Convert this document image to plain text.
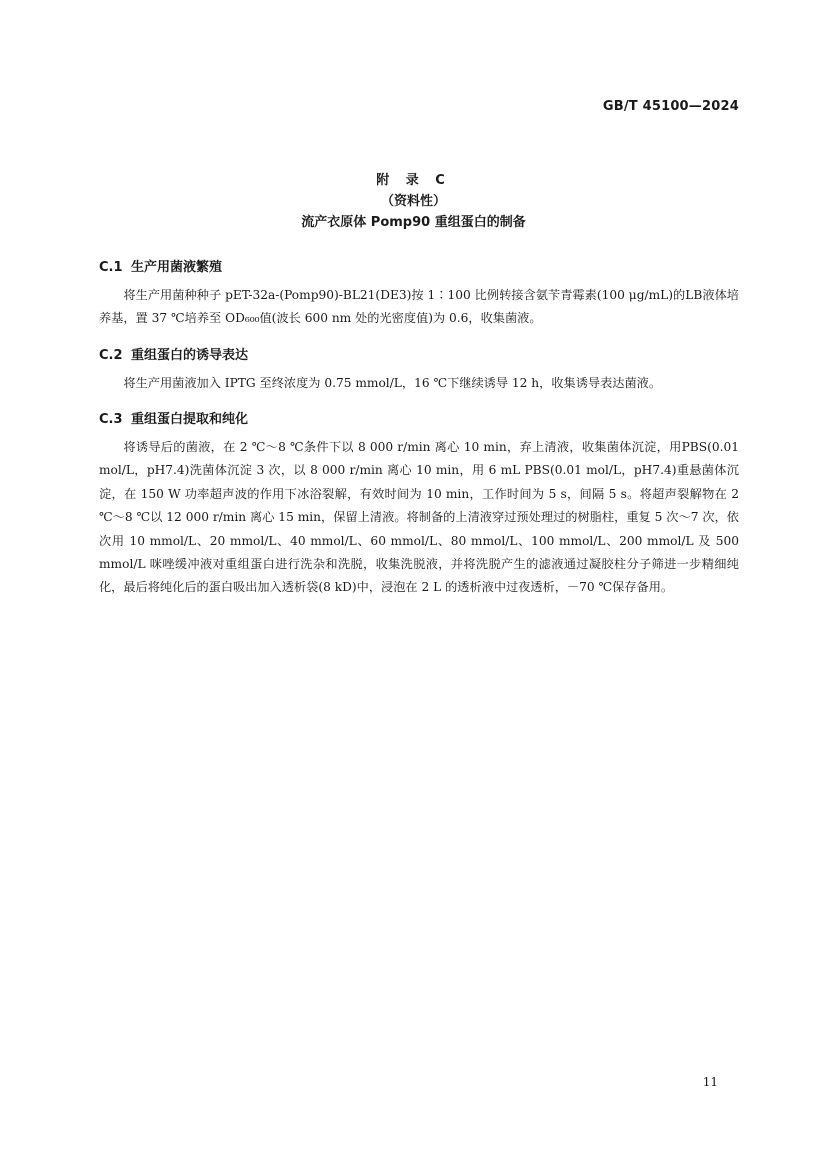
GB/T 45100—2024
附 录 C
（资料性）
流产衣原体 Pomp90 重组蛋白的制备
C.1 生产用菌液繁殖
将生产用菌种种子 pET-32a-(Pomp90)-BL21(DE3)按 1∶100 比例转接含氨苄青霉素(100 μg/mL)的LB液体培养基，置 37 ℃培养至 OD₆₀₀值(波长 600 nm 处的光密度值)为 0.6，收集菌液。
C.2 重组蛋白的诱导表达
将生产用菌液加入 IPTG 至终浓度为 0.75 mmol/L，16 ℃下继续诱导 12 h，收集诱导表达菌液。
C.3 重组蛋白提取和纯化
将诱导后的菌液，在 2 ℃～8 ℃条件下以 8 000 r/min 离心 10 min，弃上清液，收集菌体沉淀，用PBS(0.01 mol/L，pH7.4)洗菌体沉淀 3 次，以 8 000 r/min 离心 10 min，用 6 mL PBS(0.01 mol/L，pH7.4)重悬菌体沉淀，在 150 W 功率超声波的作用下冰浴裂解，有效时间为 10 min，工作时间为 5 s，间隔 5 s。将超声裂解物在 2 ℃～8 ℃以 12 000 r/min 离心 15 min，保留上清液。将制备的上清液穿过预处理过的树脂柱，重复 5 次～7 次，依次用 10 mmol/L、20 mmol/L、40 mmol/L、60 mmol/L、80 mmol/L、100 mmol/L、200 mmol/L 及 500 mmol/L 咪唑缓冲液对重组蛋白进行洗杂和洗脱，收集洗脱液，并将洗脱产生的滤液通过凝胶柱分子筛进一步精细纯化，最后将纯化后的蛋白吸出加入透析袋(8 kD)中，浸泡在 2 L 的透析液中过夜透析，－70 ℃保存备用。
11
